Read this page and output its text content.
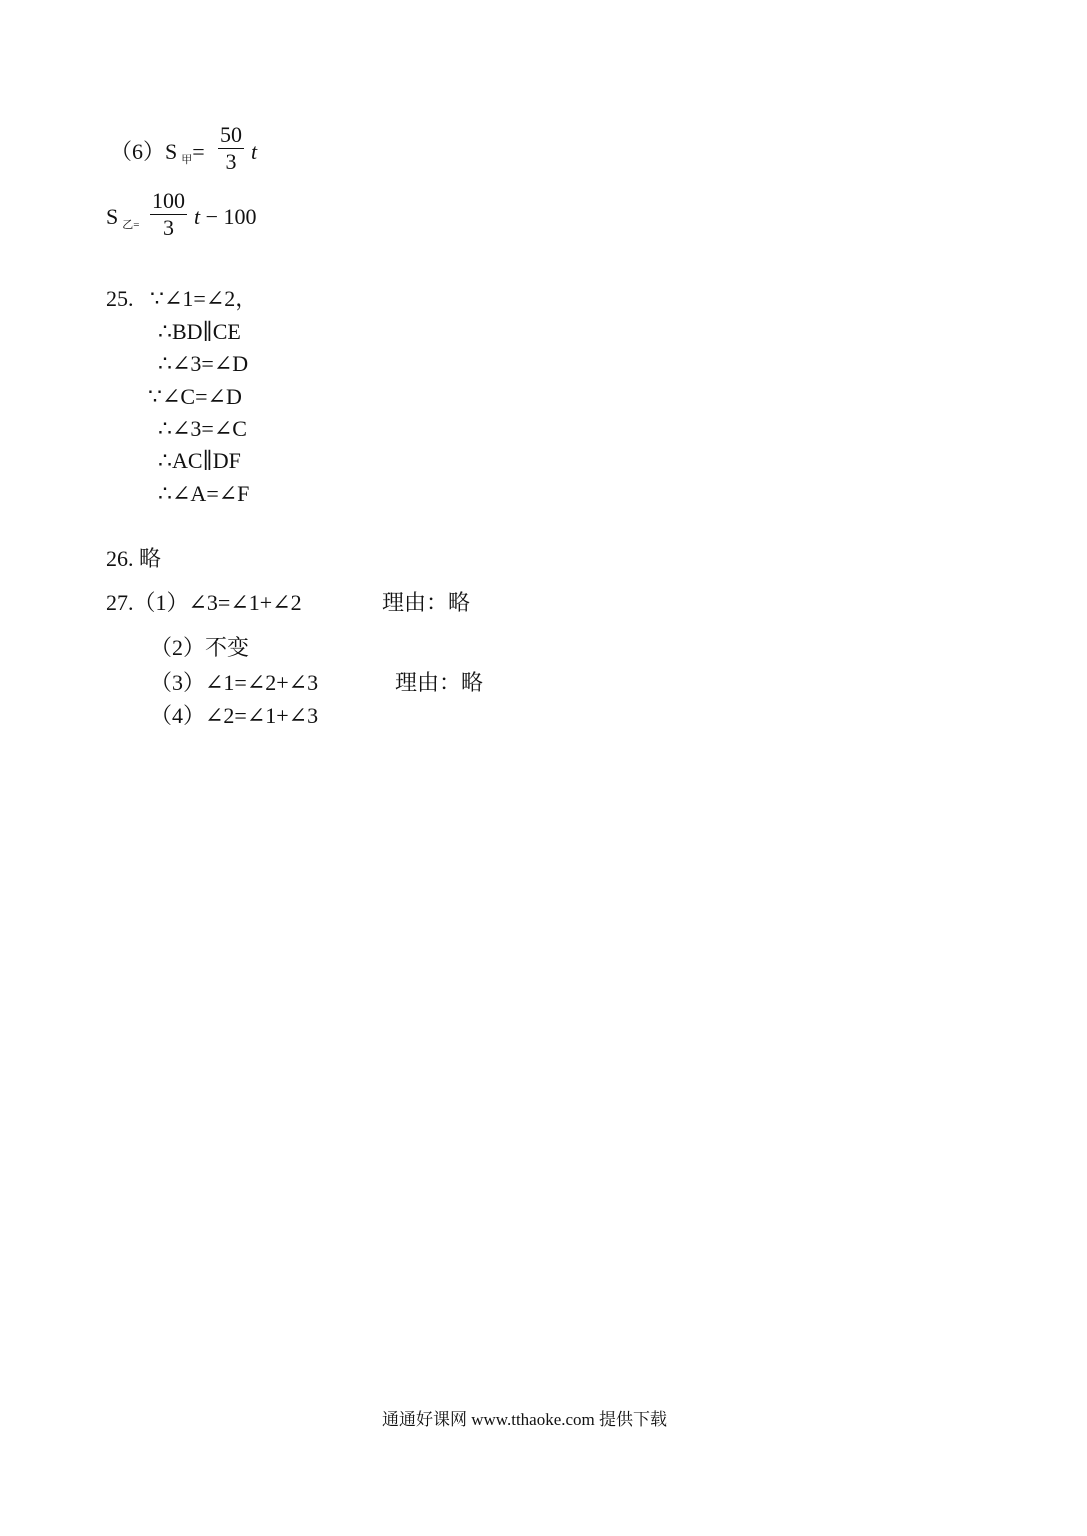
（6）S 甲=
50
3 t
S乙=
100
3 t − 100
25. ∵∠1=∠2，
∴BD∥CE
∴∠3=∠D
∵∠C=∠D
∴∠3=∠C
∴AC∥DF
∴∠A=∠F
26. 略
27.（1）∠3=∠1+∠2	理由：略
（2）不变
（3）∠1=∠2+∠3	理由：略
（4）∠2=∠1+∠3
通通好课网 www.tthaoke.com 提供下载
